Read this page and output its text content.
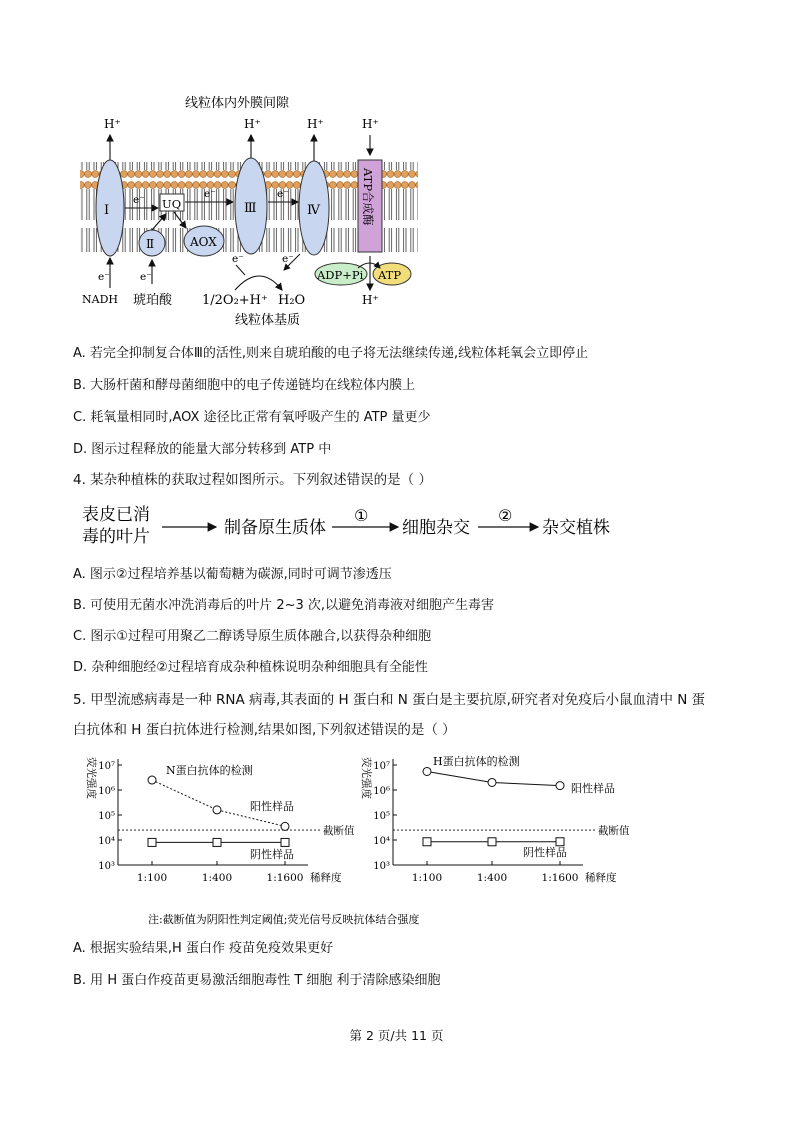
线粒体内外膜间隙
H⁺	H⁺	H⁺	H⁺
Ⅰ	UQ
Ⅱ	AOX
Ⅲ	Ⅳ	ATP合成酶
e⁻	e⁻	e⁻
e⁻
NADH
e⁻
琥珀酸
e⁻	e⁻
1/2O₂+H⁺ H₂O
ADP+Pi ATP
H⁺
线粒体基质
A. 若完全抑制复合体Ⅲ的活性,则来自琥珀酸的电子将无法继续传递,线粒体耗氧会立即停止
B. 大肠杆菌和酵母菌细胞中的电子传递链均在线粒体内膜上
C. 耗氧量相同时,AOX 途径比正常有氧呼吸产生的 ATP 量更少
D. 图示过程释放的能量大部分转移到 ATP 中
4. 某杂种植株的获取过程如图所示。下列叙述错误的是（ ）
表皮已消
毒的叶片	制备原生质体
①
细胞杂交
②
杂交植株
A. 图示②过程培养基以葡萄糖为碳源,同时可调节渗透压
B. 可使用无菌水冲洗消毒后的叶片 2~3 次,以避免消毒液对细胞产生毒害
C. 图示①过程可用聚乙二醇诱导原生质体融合,以获得杂种细胞
D. 杂种细胞经②过程培育成杂种植株说明杂种细胞具有全能性
5. 甲型流感病毒是一种 RNA 病毒,其表面的 H 蛋白和 N 蛋白是主要抗原,研究者对免疫后小鼠血清中 N 蛋
白抗体和 H 蛋白抗体进行检测,结果如图,下列叙述错误的是（ ）
荧光强度
10³
10⁴
10⁵
10⁶
10⁷
1:100	1:400	1:1600 稀释度
截断值
N蛋白抗体的检测
阳性样品
阴性样品
荧光强度
10³
10⁴
10⁵
10⁶
10⁷
1:100	1:400	1:1600 稀释度
截断值
H蛋白抗体的检测
阳性样品
阴性样品
注:截断值为阴阳性判定阈值;荧光信号反映抗体结合强度
A. 根据实验结果,H 蛋白作 疫苗免疫效果更好
B. 用 H 蛋白作疫苗更易激活细胞毒性 T 细胞 利于清除感染细胞
第 2 页/共 11 页
